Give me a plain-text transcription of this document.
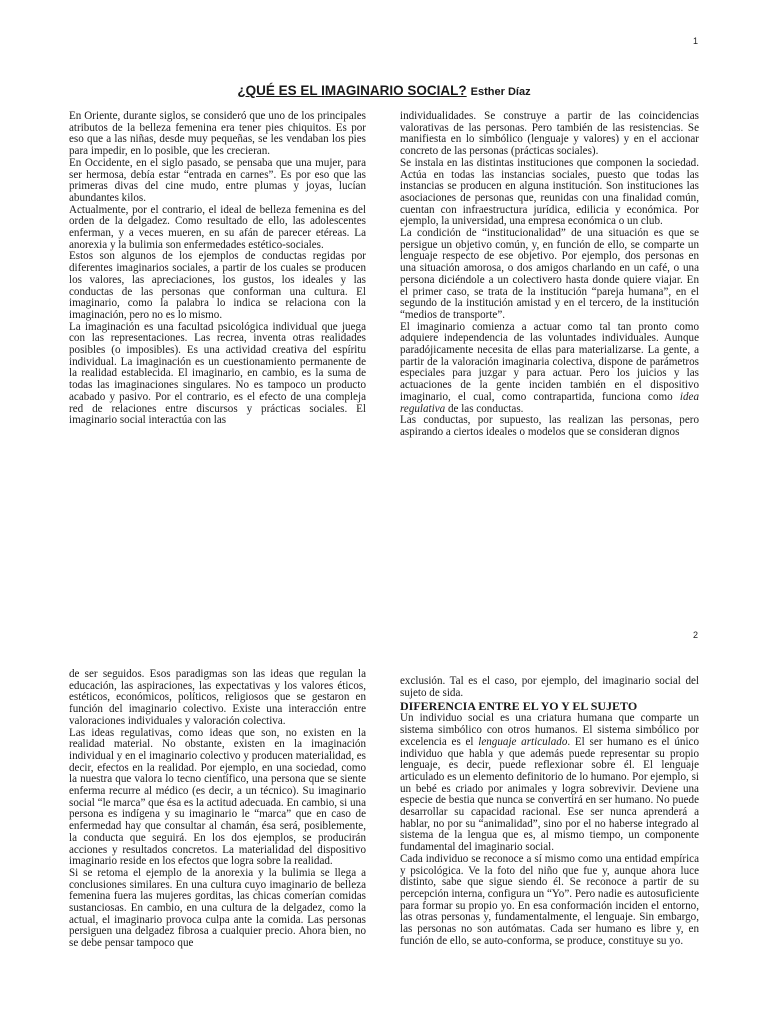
1
¿QUÉ ES EL IMAGINARIO SOCIAL? Esther Díaz

En Oriente, durante siglos, se consideró que uno de los principales atributos de la belleza femenina era tener pies chiquitos. Es por eso que a las niñas, desde muy pequeñas, se les vendaban los pies para impedir, en lo posible, que les crecieran.

En Occidente, en el siglo pasado, se pensaba que una mujer, para ser hermosa, debía estar “entrada en carnes”. Es por eso que las primeras divas del cine mudo, entre plumas y joyas, lucían abundantes kilos.

Actualmente, por el contrario, el ideal de belleza femenina es del orden de la delgadez. Como resultado de ello, las adolescentes enferman, y a veces mueren, en su afán de parecer etéreas. La anorexia y la bulimia son enfermedades estético-sociales.

Estos son algunos de los ejemplos de conductas regidas por diferentes imaginarios sociales, a partir de los cuales se producen los valores, las apreciaciones, los gustos, los ideales y las conductas de las personas que conforman una cultura. El imaginario, como la palabra lo indica se relaciona con la imaginación, pero no es lo mismo.

La imaginación es una facultad psicológica individual que juega con las representaciones. Las recrea, inventa otras realidades posibles (o imposibles). Es una actividad creativa del espíritu individual. La imaginación es un cuestionamiento permanente de la realidad establecida. El imaginario, en cambio, es la suma de todas las imaginaciones singulares. No es tampoco un producto acabado y pasivo. Por el contrario, es el efecto de una compleja red de relaciones entre discursos y prácticas sociales. El imaginario social interactúa con las

individualidades. Se construye a partir de las coincidencias valorativas de las personas. Pero también de las resistencias. Se manifiesta en lo simbólico (lenguaje y valores) y en el accionar concreto de las personas (prácticas sociales).

Se instala en las distintas instituciones que componen la sociedad. Actúa en todas las instancias sociales, puesto que todas las instancias se producen en alguna institución. Son instituciones las asociaciones de personas que, reunidas con una finalidad común, cuentan con infraestructura jurídica, edilicia y económica. Por ejemplo, la universidad, una empresa económica o un club.

La condición de “institucionalidad” de una situación es que se persigue un objetivo común, y, en función de ello, se comparte un lenguaje respecto de ese objetivo. Por ejemplo, dos personas en una situación amorosa, o dos amigos charlando en un café, o una persona diciéndole a un colectivero hasta donde quiere viajar. En el primer caso, se trata de la institución “pareja humana”, en el segundo de la institución amistad y en el tercero, de la institución “medios de transporte”.

El imaginario comienza a actuar como tal tan pronto como adquiere independencia de las voluntades individuales. Aunque paradójicamente necesita de ellas para materializarse. La gente, a partir de la valoración imaginaria colectiva, dispone de parámetros especiales para juzgar y para actuar. Pero los juicios y las actuaciones de la gente inciden también en el dispositivo imaginario, el cual, como contrapartida, funciona como idea regulativa de las conductas.

Las conductas, por supuesto, las realizan las personas, pero aspirando a ciertos ideales o modelos que se consideran dignos

2

de ser seguidos. Esos paradigmas son las ideas que regulan la educación, las aspiraciones, las expectativas y los valores éticos, estéticos, económicos, políticos, religiosos que se gestaron en función del imaginario colectivo. Existe una interacción entre valoraciones individuales y valoración colectiva.

Las ideas regulativas, como ideas que son, no existen en la realidad material. No obstante, existen en la imaginación individual y en el imaginario colectivo y producen materialidad, es decir, efectos en la realidad. Por ejemplo, en una sociedad, como la nuestra que valora lo tecno científico, una persona que se siente enferma recurre al médico (es decir, a un técnico). Su imaginario social “le marca” que ésa es la actitud adecuada. En cambio, si una persona es indígena y su imaginario le “marca” que en caso de enfermedad hay que consultar al chamán, ésa será, posiblemente, la conducta que seguirá. En los dos ejemplos, se producirán acciones y resultados concretos. La materialidad del dispositivo imaginario reside en los efectos que logra sobre la realidad.

Si se retoma el ejemplo de la anorexia y la bulimia se llega a conclusiones similares. En una cultura cuyo imaginario de belleza femenina fuera las mujeres gorditas, las chicas comerían comidas sustanciosas. En cambio, en una cultura de la delgadez, como la actual, el imaginario provoca culpa ante la comida. Las personas persiguen una delgadez fibrosa a cualquier precio. Ahora bien, no se debe pensar tampoco que

exclusión. Tal es el caso, por ejemplo, del imaginario social del sujeto de sida.

DIFERENCIA ENTRE EL YO Y EL SUJETO

Un individuo social es una criatura humana que comparte un sistema simbólico con otros humanos. El sistema simbólico por excelencia es el lenguaje articulado. El ser humano es el único individuo que habla y que además puede representar su propio lenguaje, es decir, puede reflexionar sobre él. El lenguaje articulado es un elemento definitorio de lo humano. Por ejemplo, si un bebé es criado por animales y logra sobrevivir. Deviene una especie de bestia que nunca se convertirá en ser humano. No puede desarrollar su capacidad racional. Ese ser nunca aprenderá a hablar, no por su “animalidad”, sino por el no haberse integrado al sistema de la lengua que es, al mismo tiempo, un componente fundamental del imaginario social.

Cada individuo se reconoce a sí mismo como una entidad empírica y psicológica. Ve la foto del niño que fue y, aunque ahora luce distinto, sabe que sigue siendo él. Se reconoce a partir de su percepción interna, configura un “Yo”. Pero nadie es autosuficiente para formar su propio yo. En esa conformación inciden el entorno, las otras personas y, fundamentalmente, el lenguaje. Sin embargo, las personas no son autómatas. Cada ser humano es libre y, en función de ello, se auto-conforma, se produce, constituye su yo.
